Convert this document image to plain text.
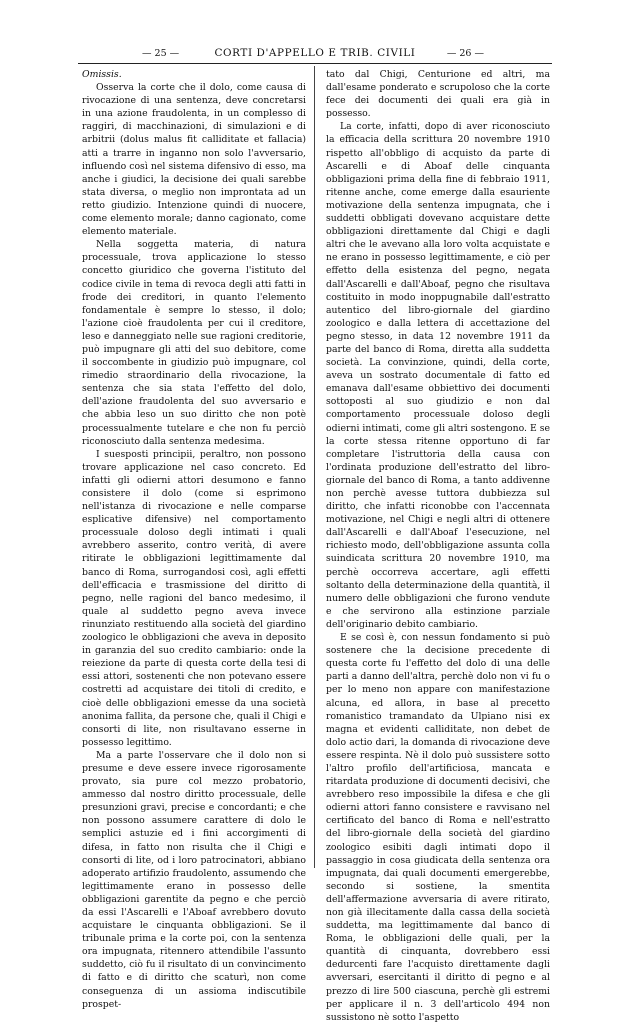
— 25 —	CORTI D'APPELLO E TRIB. CIVILI	— 26 —

Omissis.

Osserva la corte che il dolo, come causa di rivocazione di una sentenza, deve concretarsi in una azione fraudolenta, in un complesso di raggiri, di macchinazioni, di simulazioni e di arbitrii (dolus malus fit calliditate et fallacia) atti a trarre in inganno non solo l'avversario, influendo così nel sistema difensivo di esso, ma anche i giudici, la decisione dei quali sarebbe stata diversa, o meglio non improntata ad un retto giudizio. Intenzione quindi di nuocere, come elemento morale; danno cagionato, come elemento materiale.

Nella soggetta materia, di natura processuale, trova applicazione lo stesso concetto giuridico che governa l'istituto del codice civile in tema di revoca degli atti fatti in frode dei creditori, in quanto l'elemento fondamentale è sempre lo stesso, il dolo; l'azione cioè fraudolenta per cui il creditore, leso e danneggiato nelle sue ragioni creditorie, può impugnare gli atti del suo debitore, come il soccombente in giudizio può impugnare, col rimedio straordinario della rivocazione, la sentenza che sia stata l'effetto del dolo, dell'azione fraudolenta del suo avversario e che abbia leso un suo diritto che non potè processualmente tutelare e che non fu perciò riconosciuto dalla sentenza medesima.

I suesposti principii, peraltro, non possono trovare applicazione nel caso concreto. Ed infatti gli odierni attori desumono e fanno consistere il dolo (come si esprimono nell'istanza di rivocazione e nelle comparse esplicative difensive) nel comportamento processuale doloso degli intimati i quali avrebbero asserito, contro verità, di avere ritirate le obbligazioni legittimamente dal banco di Roma, surrogandosi così, agli effetti dell'efficacia e trasmissione del diritto di pegno, nelle ragioni del banco medesimo, il quale al suddetto pegno aveva invece rinunziato restituendo alla società del giardino zoologico le obbligazioni che aveva in deposito in garanzia del suo credito cambiario: onde la reiezione da parte di questa corte della tesi di essi attori, sostenenti che non potevano essere costretti ad acquistare dei titoli di credito, e cioè delle obbligazioni emesse da una società anonima fallita, da persone che, quali il Chigi e consorti di lite, non risultavano esserne in possesso legittimo.

Ma a parte l'osservare che il dolo non si presume e deve essere invece rigorosamente provato, sia pure col mezzo probatorio, ammesso dal nostro diritto processuale, delle presunzioni gravi, precise e concordanti; e che non possono assumere carattere di dolo le semplici astuzie ed i fini accorgimenti di difesa, in fatto non risulta che il Chigi e consorti di lite, od i loro patrocinatori, abbiano adoperato artifizio fraudolento, assumendo che legittimamente erano in possesso delle obbligazioni garentite da pegno e che perciò da essi l'Ascarelli e l'Aboaf avrebbero dovuto acquistare le cinquanta obbligazioni. Se il tribunale prima e la corte poi, con la sentenza ora impugnata, ritennero attendibile l'assunto suddetto, ciò fu il risultato di un convincimento di fatto e di diritto che scaturì, non come conseguenza di un assioma indiscutibile prospet-

tato dal Chigi, Centurione ed altri, ma dall'esame ponderato e scrupoloso che la corte fece dei documenti dei quali era già in possesso.

La corte, infatti, dopo di aver riconosciuto la efficacia della scrittura 20 novembre 1910 rispetto all'obbligo di acquisto da parte di Ascarelli e di Aboaf delle cinquanta obbligazioni prima della fine di febbraio 1911, ritenne anche, come emerge dalla esauriente motivazione della sentenza impugnata, che i suddetti obbligati dovevano acquistare dette obbligazioni direttamente dal Chigi e dagli altri che le avevano alla loro volta acquistate e ne erano in possesso legittimamente, e ciò per effetto della esistenza del pegno, negata dall'Ascarelli e dall'Aboaf, pegno che risultava costituito in modo inoppugnabile dall'estratto autentico del libro-giornale del giardino zoologico e dalla lettera di accettazione del pegno stesso, in data 12 novembre 1911 da parte del banco di Roma, diretta alla suddetta società. La convinzione, quindi, della corte, aveva un sostrato documentale di fatto ed emanava dall'esame obbiettivo dei documenti sottoposti al suo giudizio e non dal comportamento processuale doloso degli odierni intimati, come gli altri sostengono. E se la corte stessa ritenne opportuno di far completare l'istruttoria della causa con l'ordinata produzione dell'estratto del libro-giornale del banco di Roma, a tanto addivenne non perchè avesse tuttora dubbiezza sul diritto, che infatti riconobbe con l'accennata motivazione, nel Chigi e negli altri di ottenere dall'Ascarelli e dall'Aboaf l'esecuzione, nel richiesto modo, dell'obbligazione assunta colla suindicata scrittura 20 novembre 1910, ma perchè occorreva accertare, agli effetti soltanto della determinazione della quantità, il numero delle obbligazioni che furono vendute e che servirono alla estinzione parziale dell'originario debito cambiario.

E se così è, con nessun fondamento si può sostenere che la decisione precedente di questa corte fu l'effetto del dolo di una delle parti a danno dell'altra, perchè dolo non vi fu o per lo meno non appare con manifestazione alcuna, ed allora, in base al precetto romanistico tramandato da Ulpiano nisi ex magna et evidenti calliditate, non debet de dolo actio dari, la domanda di rivocazione deve essere respinta. Nè il dolo può sussistere sotto l'altro profilo dell'artificiosa, mancata e ritardata produzione di documenti decisivi, che avrebbero reso impossibile la difesa e che gli odierni attori fanno consistere e ravvisano nel certificato del banco di Roma e nell'estratto del libro-giornale della società del giardino zoologico esibiti dagli intimati dopo il passaggio in cosa giudicata della sentenza ora impugnata, dai quali documenti emergerebbe, secondo si sostiene, la smentita dell'affermazione avversaria di avere ritirato, non già illecitamente dalla cassa della società suddetta, ma legittimamente dal banco di Roma, le obbligazioni delle quali, per la quantità di cinquanta, dovrebbero essi dedurcenti fare l'acquisto direttamente dagli avversari, esercitanti il diritto di pegno e al prezzo di lire 500 ciascuna, perchè gli estremi per applicare il n. 3 dell'articolo 494 non sussistono nè sotto l'aspetto
